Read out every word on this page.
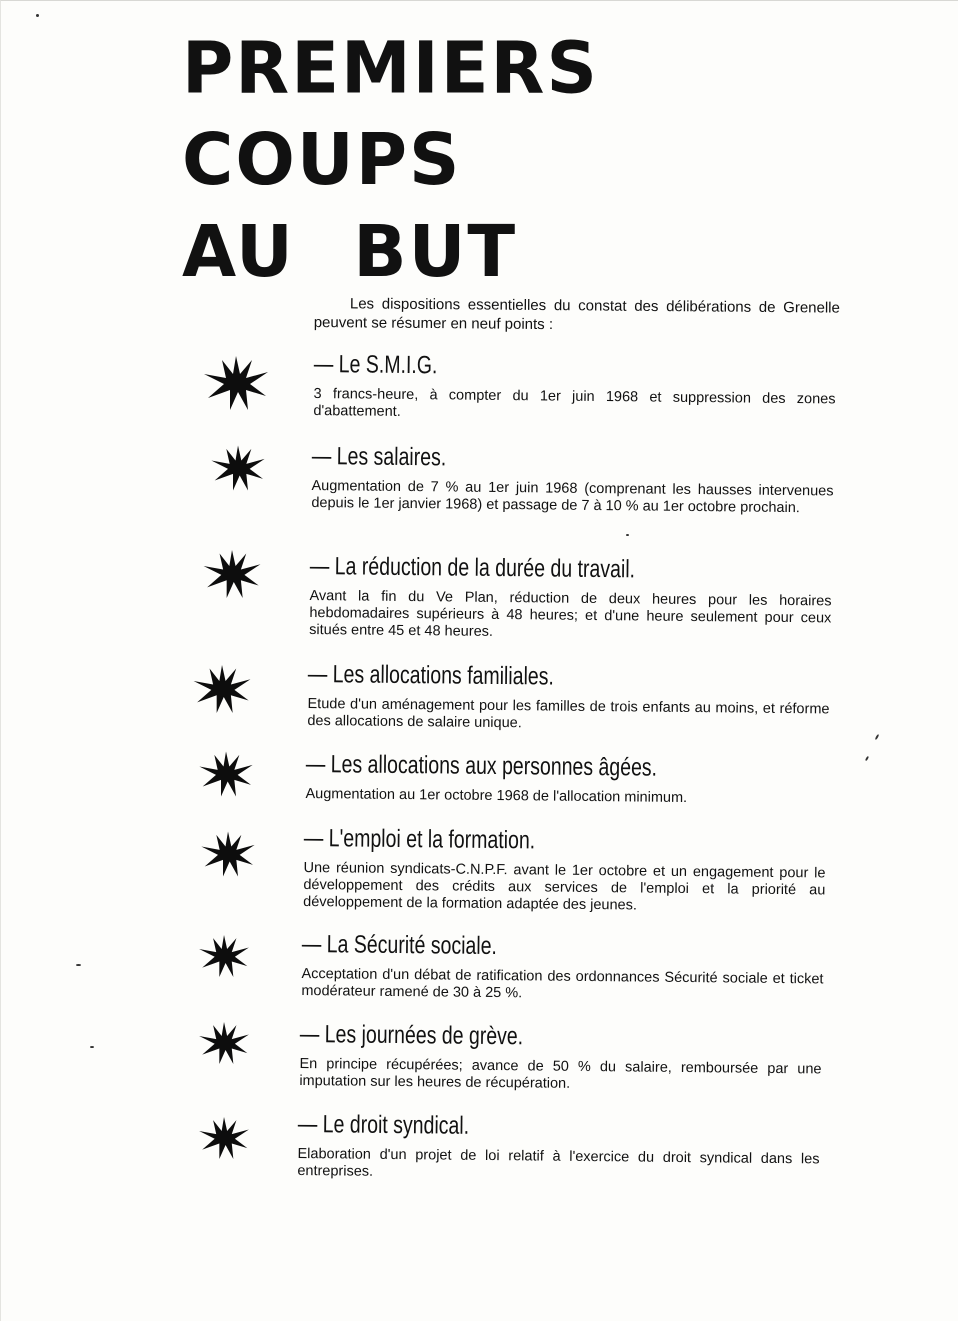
PREMIERS COUPS
AU BUT

Les dispositions essentielles du constat des délibérations de Grenelle peuvent se résumer en neuf points :

— Le S.M.I.G.

3 francs-heure, à compter du 1er juin 1968 et suppression des zones d'abattement.

— Les salaires.

Augmentation de 7 % au 1er juin 1968 (comprenant les hausses intervenues depuis le 1er janvier 1968) et passage de 7 à 10 % au 1er octobre prochain.

— La réduction de la durée du travail.

Avant la fin du Ve Plan, réduction de deux heures pour les horaires hebdomadaires supérieurs à 48 heures; et d'une heure seulement pour ceux situés entre 45 et 48 heures.

— Les allocations familiales.

Etude d'un aménagement pour les familles de trois enfants au moins, et réforme des allocations de salaire unique.

— Les allocations aux personnes âgées.

Augmentation au 1er octobre 1968 de l'allocation minimum.

— L'emploi et la formation.

Une réunion syndicats-C.N.P.F. avant le 1er octobre et un engagement pour le développement des crédits aux services de l'emploi et la priorité au développement de la formation adaptée des jeunes.

— La Sécurité sociale.

Acceptation d'un débat de ratification des ordonnances Sécurité sociale et ticket modérateur ramené de 30 à 25 %.

— Les journées de grève.

En principe récupérées; avance de 50 % du salaire, remboursée par une imputation sur les heures de récupération.

— Le droit syndical.

Elaboration d'un projet de loi relatif à l'exercice du droit syndical dans les entreprises.
